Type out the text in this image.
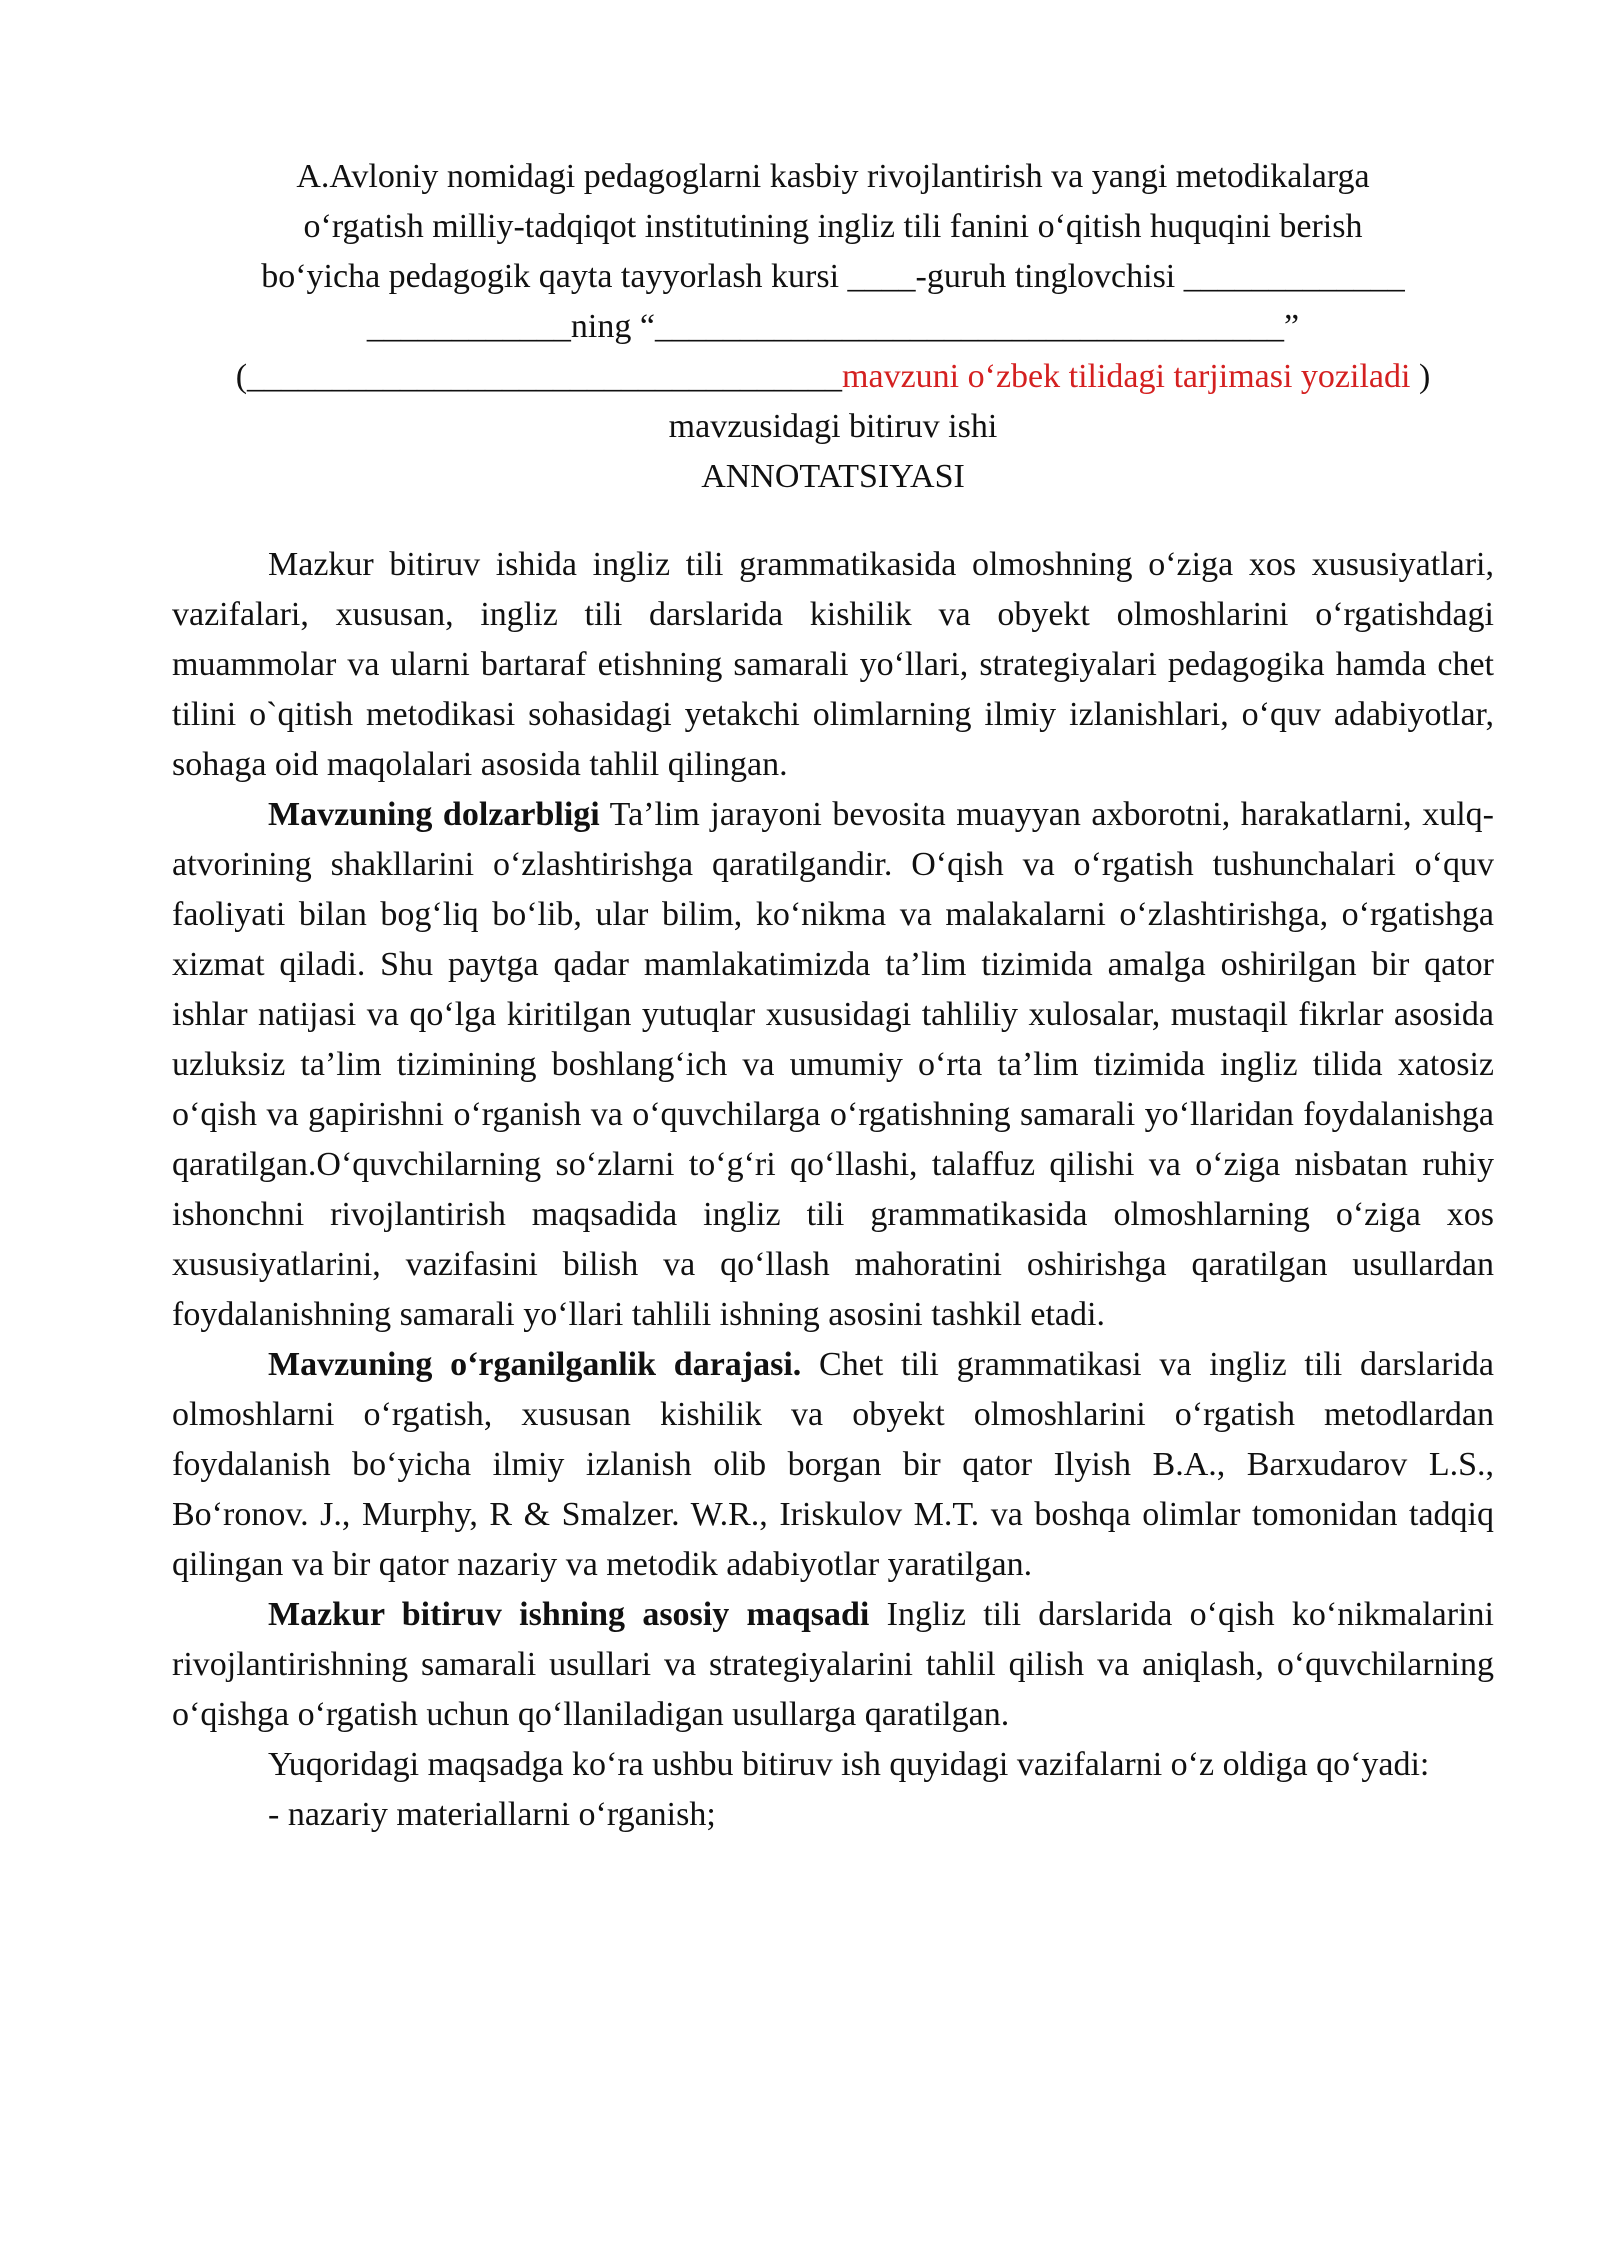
A.Avloniy nomidagi pedagoglarni kasbiy rivojlantirish va yangi metodikalarga
o‘rgatish milliy-tadqiqot institutining ingliz tili fanini o‘qitish huquqini berish
bo‘yicha pedagogik qayta tayyorlash kursi ____-guruh tinglovchisi _____________
____________ning “_____________________________________”
(___________________________________mavzuni o‘zbek tilidagi tarjimasi yoziladi )
mavzusidagi bitiruv ishi
ANNOTATSIYASI

Mazkur bitiruv ishida ingliz tili grammatikasida olmoshning o‘ziga xos xususiyatlari, vazifalari, xususan, ingliz tili darslarida kishilik va obyekt olmoshlarini o‘rgatishdagi muammolar va ularni bartaraf etishning samarali yo‘llari, strategiyalari pedagogika hamda chet tilini o`qitish metodikasi sohasidagi yetakchi olimlarning ilmiy izlanishlari, o‘quv adabiyotlar, sohaga oid maqolalari asosida tahlil qilingan.

Mavzuning dolzarbligi Ta’lim jarayoni bevosita muayyan axborotni, harakatlarni, xulq-atvorining shakllarini o‘zlashtirishga qaratilgandir. O‘qish va o‘rgatish tushunchalari o‘quv faoliyati bilan bog‘liq bo‘lib, ular bilim, ko‘nikma va malakalarni o‘zlashtirishga, o‘rgatishga xizmat qiladi. Shu paytga qadar mamlakatimizda ta’lim tizimida amalga oshirilgan bir qator ishlar natijasi va qo‘lga kiritilgan yutuqlar xususidagi tahliliy xulosalar, mustaqil fikrlar asosida uzluksiz ta’lim tizimining boshlang‘ich va umumiy o‘rta ta’lim tizimida ingliz tilida xatosiz o‘qish va gapirishni o‘rganish va o‘quvchilarga o‘rgatishning samarali yo‘llaridan foydalanishga qaratilgan.O‘quvchilarning so‘zlarni to‘g‘ri qo‘llashi, talaffuz qilishi va o‘ziga nisbatan ruhiy ishonchni rivojlantirish maqsadida ingliz tili grammatikasida olmoshlarning o‘ziga xos xususiyatlarini, vazifasini bilish va qo‘llash mahoratini oshirishga qaratilgan usullardan foydalanishning samarali yo‘llari tahlili ishning asosini tashkil etadi.

Mavzuning o‘rganilganlik darajasi. Chet tili grammatikasi va ingliz tili darslarida olmoshlarni o‘rgatish, xususan kishilik va obyekt olmoshlarini o‘rgatish metodlardan foydalanish bo‘yicha ilmiy izlanish olib borgan bir qator Ilyish B.A., Barxudarov L.S., Bo‘ronov. J., Murphy, R & Smalzer. W.R., Iriskulov M.T. va boshqa olimlar tomonidan tadqiq qilingan va bir qator nazariy va metodik adabiyotlar yaratilgan.

Mazkur bitiruv ishning asosiy maqsadi Ingliz tili darslarida o‘qish ko‘nikmalarini rivojlantirishning samarali usullari va strategiyalarini tahlil qilish va aniqlash, o‘quvchilarning o‘qishga o‘rgatish uchun qo‘llaniladigan usullarga qaratilgan.

Yuqoridagi maqsadga ko‘ra ushbu bitiruv ish quyidagi vazifalarni o‘z oldiga qo‘yadi:

- nazariy materiallarni o‘rganish;
